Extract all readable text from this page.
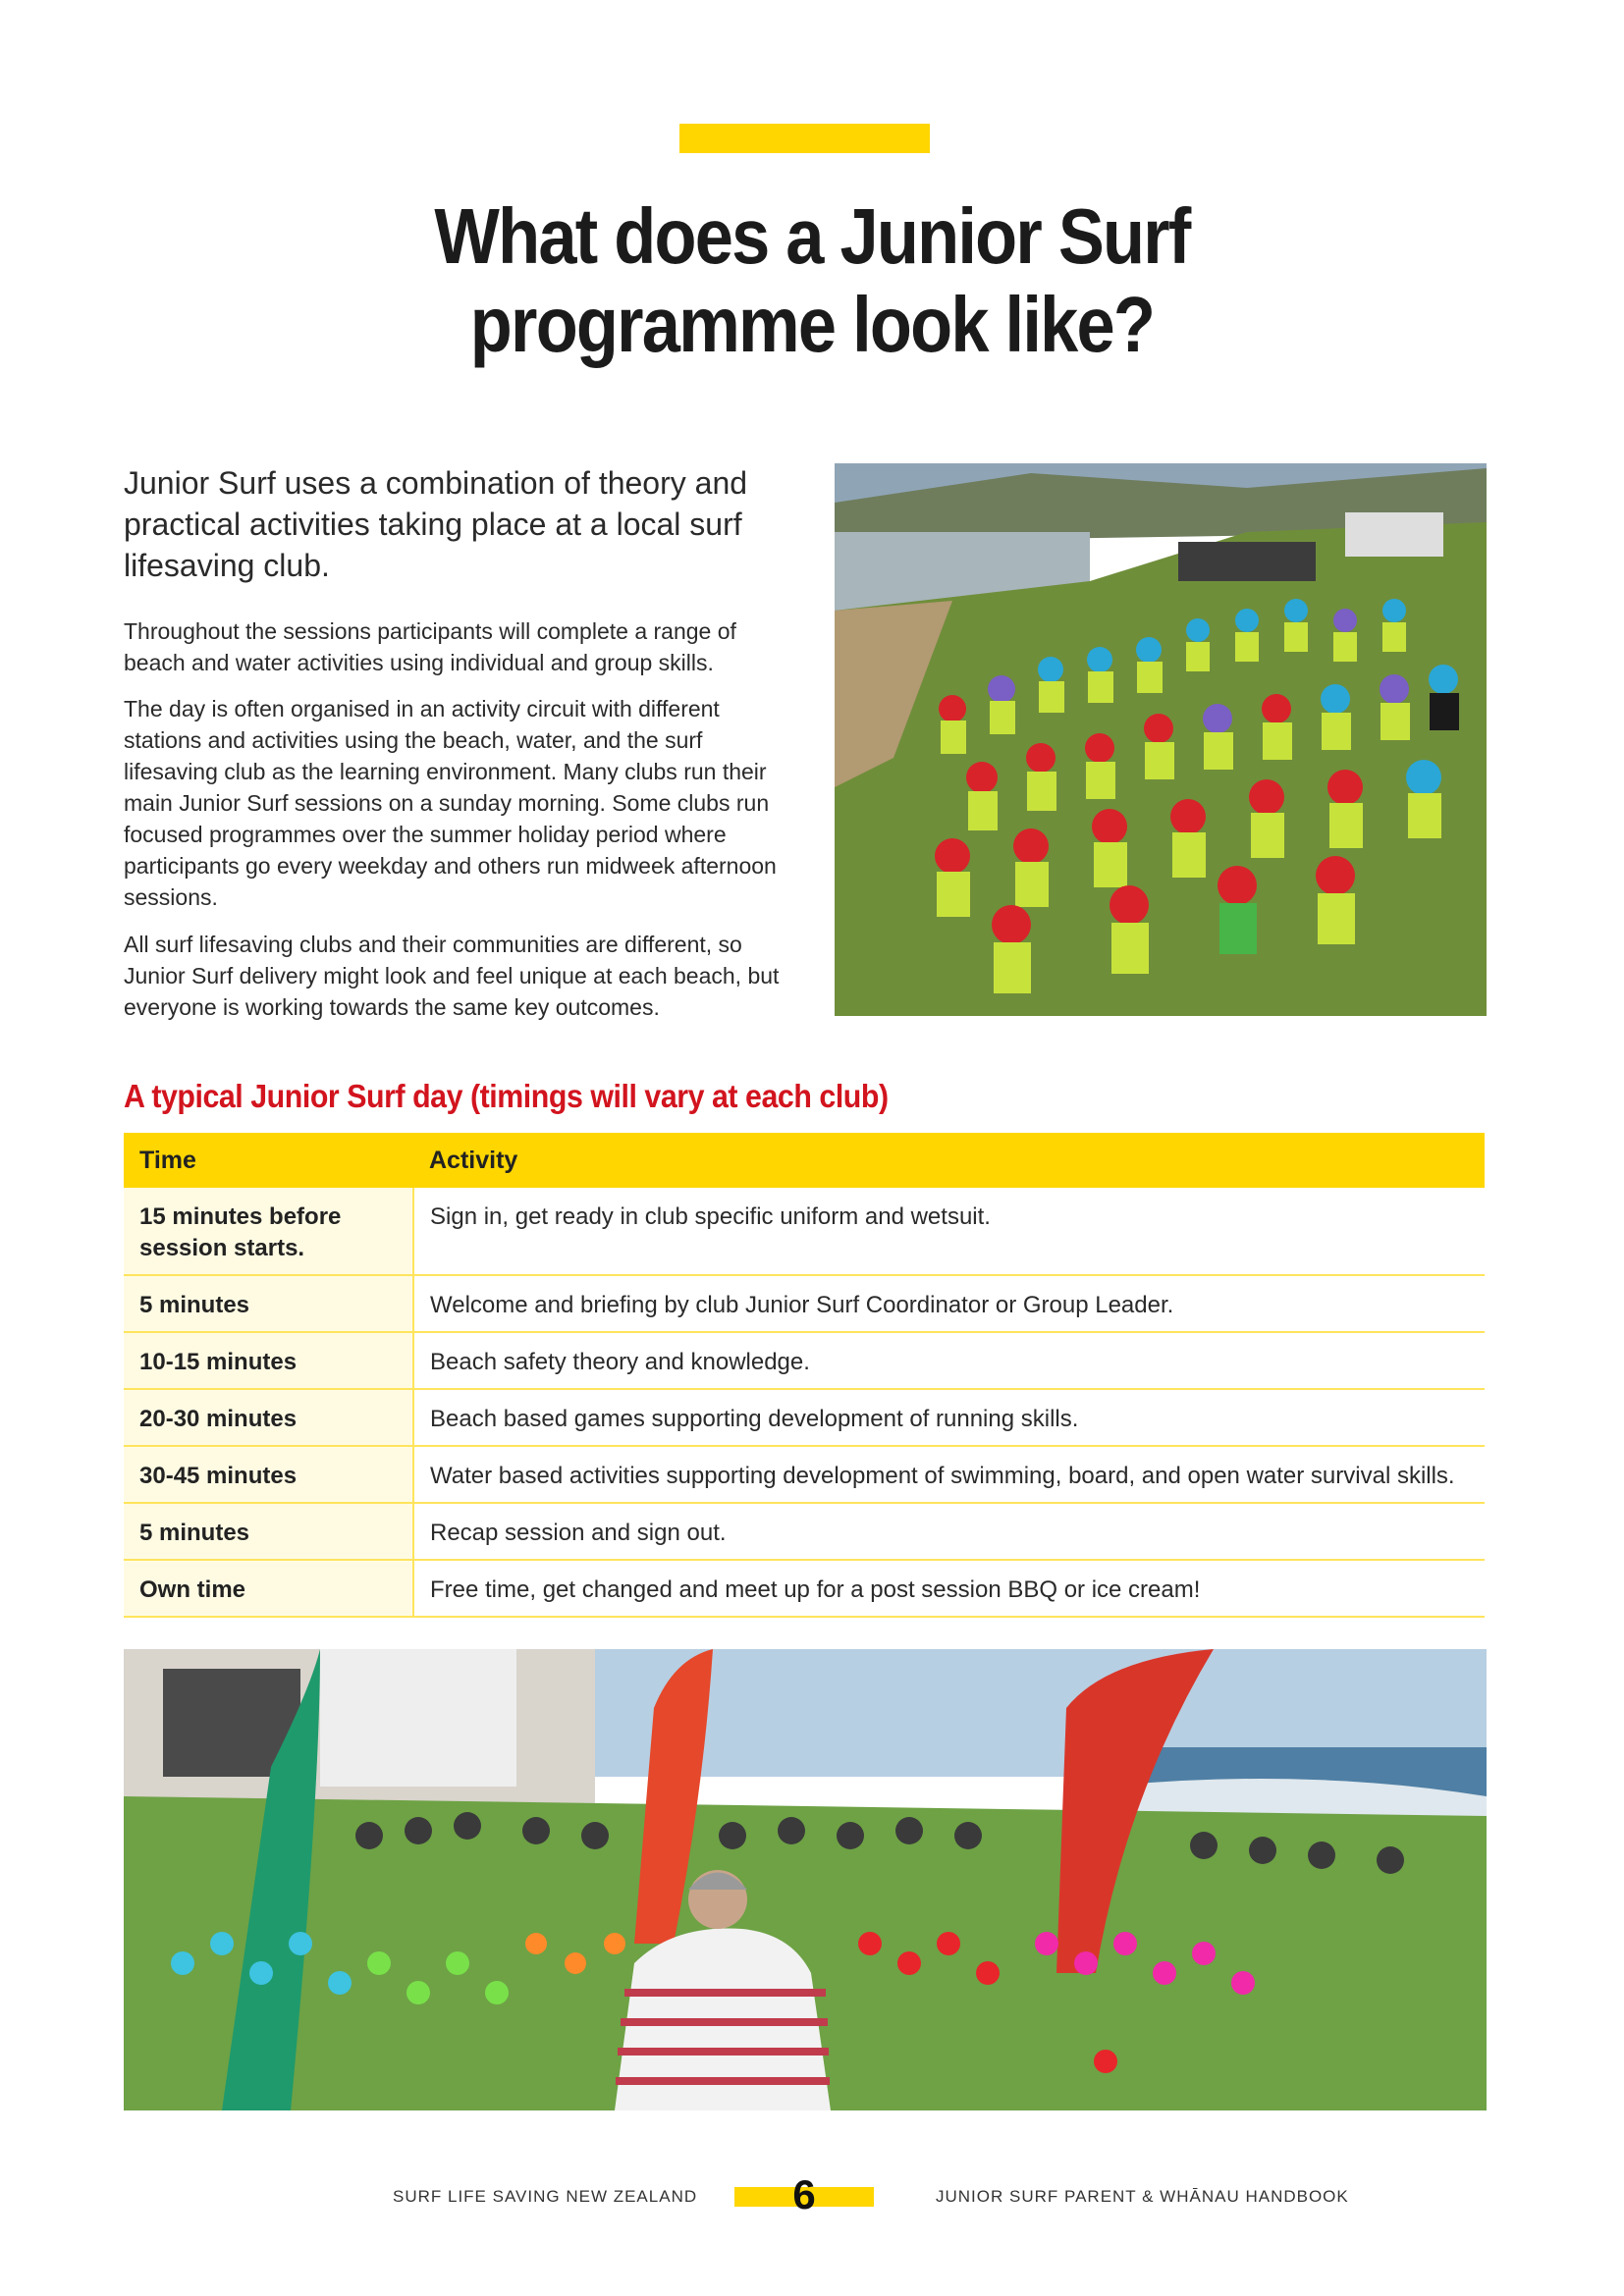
What does a Junior Surf
programme look like?
Junior Surf uses a combination of theory and practical activities taking place at a local surf lifesaving club.
Throughout the sessions participants will complete a range of beach and water activities using individual and group skills.
The day is often organised in an activity circuit with different stations and activities using the beach, water, and the surf lifesaving club as the learning environment. Many clubs run their main Junior Surf sessions on a sunday morning. Some clubs run focused programmes over the summer holiday period where participants go every weekday and others run midweek afternoon sessions.
All surf lifesaving clubs and their communities are different, so Junior Surf delivery might look and feel unique at each beach, but everyone is working towards the same key outcomes.
A typical Junior Surf day (timings will vary at each club)
Time	Activity
15 minutes before session starts.	Sign in, get ready in club specific uniform and wetsuit.
5 minutes	Welcome and briefing by club Junior Surf Coordinator or Group Leader.
10-15 minutes	Beach safety theory and knowledge.
20-30 minutes	Beach based games supporting development of running skills.
30-45 minutes	Water based activities supporting development of swimming, board, and open water survival skills.
5 minutes	Recap session and sign out.
Own time	Free time, get changed and meet up for a post session BBQ or ice cream!
SURF LIFE SAVING NEW ZEALAND	6	JUNIOR SURF PARENT & WHĀNAU HANDBOOK
